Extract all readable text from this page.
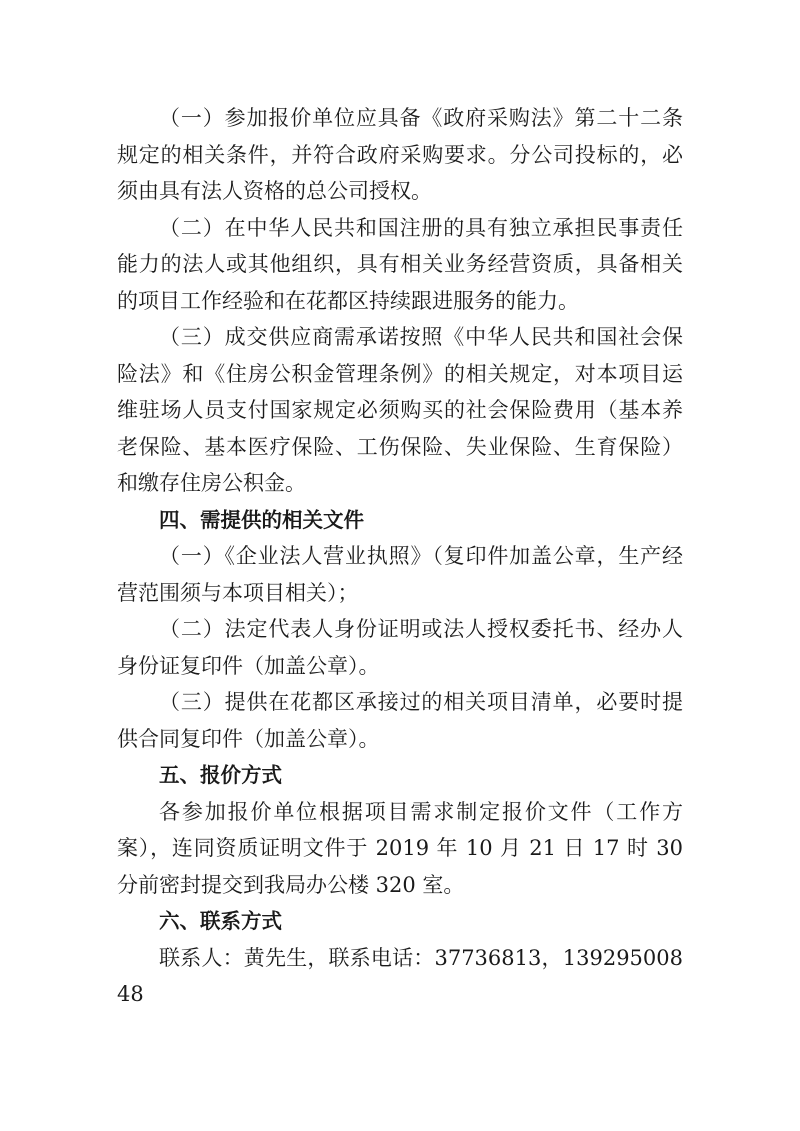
（一）参加报价单位应具备《政府采购法》第二十二条规定的相关条件，并符合政府采购要求。分公司投标的，必须由具有法人资格的总公司授权。

（二）在中华人民共和国注册的具有独立承担民事责任能力的法人或其他组织，具有相关业务经营资质，具备相关的项目工作经验和在花都区持续跟进服务的能力。

（三）成交供应商需承诺按照《中华人民共和国社会保险法》和《住房公积金管理条例》的相关规定，对本项目运维驻场人员支付国家规定必须购买的社会保险费用（基本养老保险、基本医疗保险、工伤保险、失业保险、生育保险）和缴存住房公积金。

四、需提供的相关文件

（一）《企业法人营业执照》（复印件加盖公章，生产经营范围须与本项目相关）；

（二）法定代表人身份证明或法人授权委托书、经办人身份证复印件（加盖公章）。

（三）提供在花都区承接过的相关项目清单，必要时提供合同复印件（加盖公章）。

五、报价方式

各参加报价单位根据项目需求制定报价文件（工作方案），连同资质证明文件于 2019 年 10 月 21 日 17 时 30 分前密封提交到我局办公楼 320 室。

六、联系方式

联系人：黄先生，联系电话：37736813，13929500848
